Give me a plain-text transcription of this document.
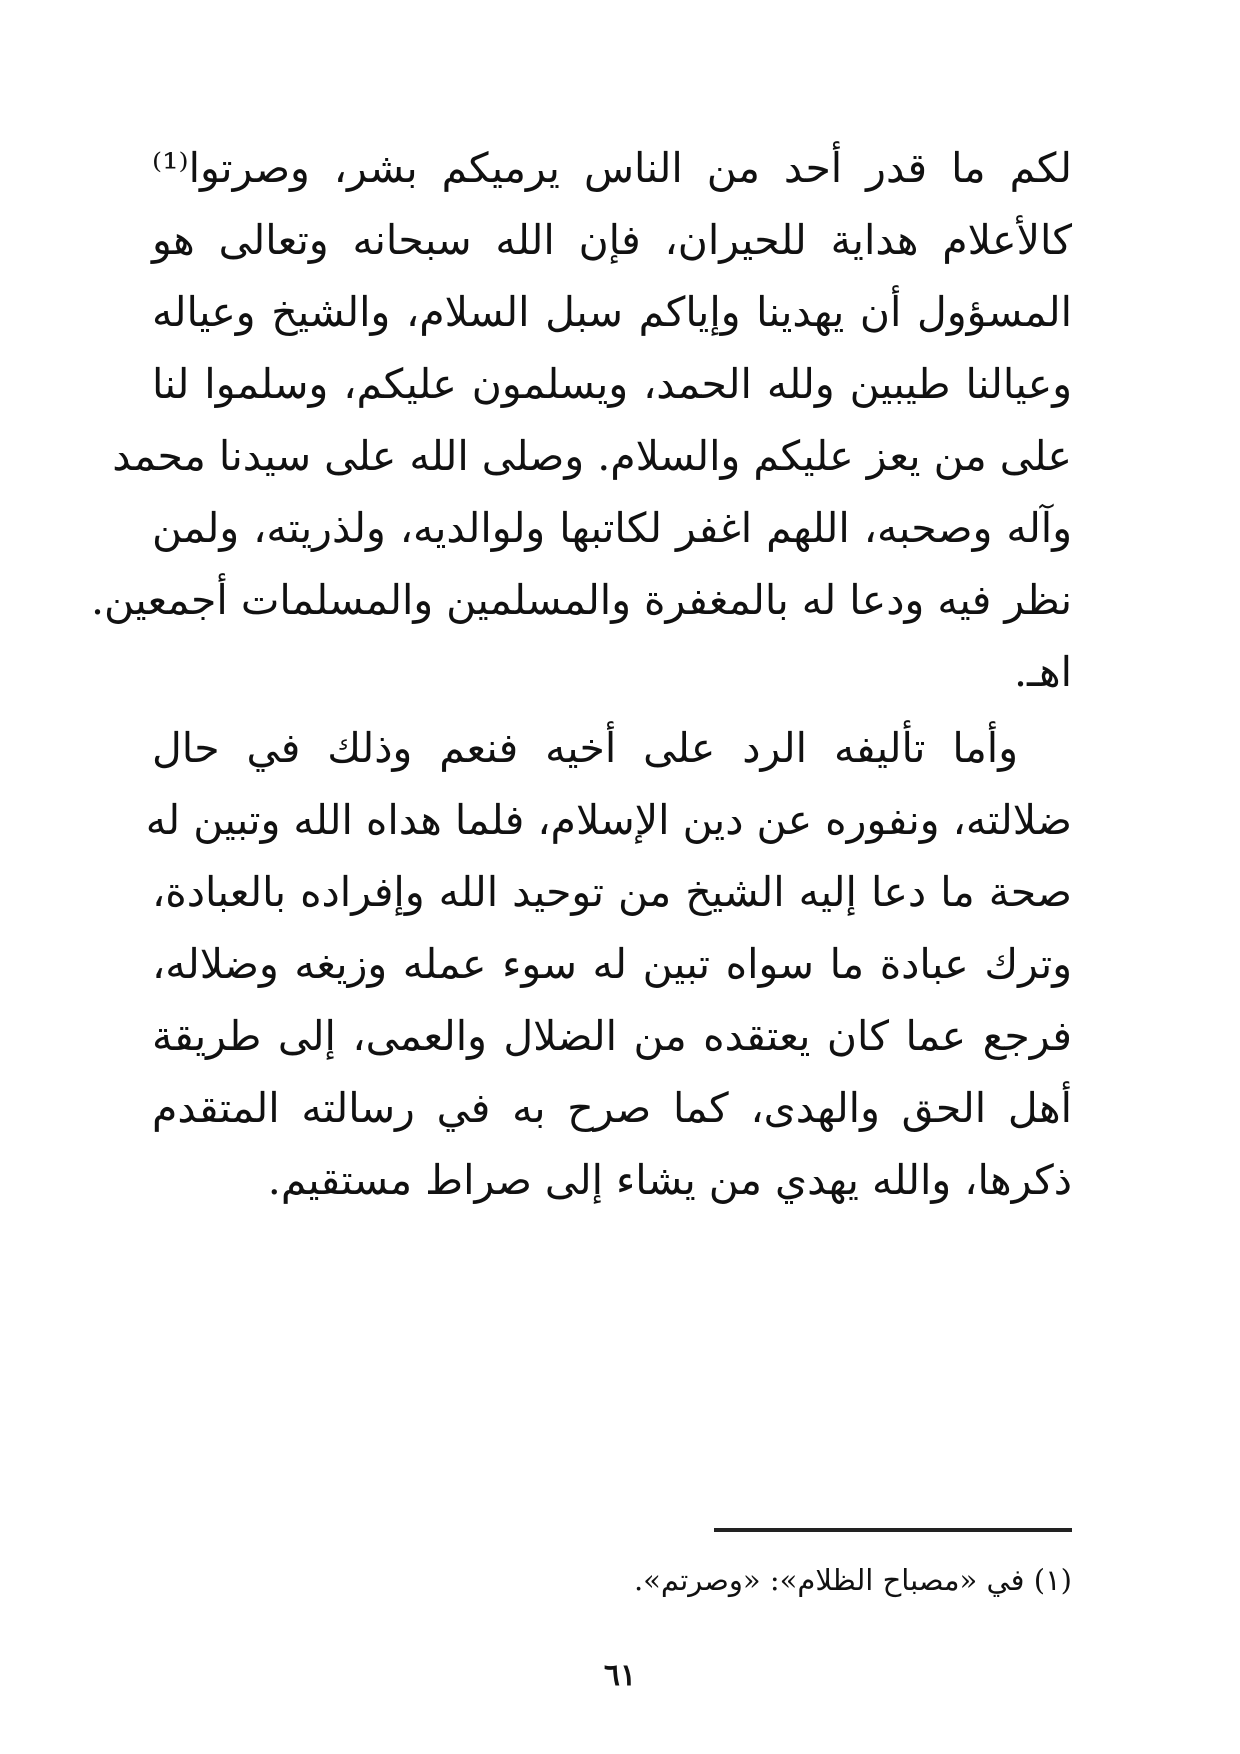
لكم ما قدر أحد من الناس يرميكم بشر، وصرتوا⁽¹⁾
كالأعلام هداية للحيران، فإن الله سبحانه وتعالى هو
المسؤول أن يهدينا وإياكم سبل السلام، والشيخ وعياله
وعيالنا طيبين ولله الحمد، ويسلمون عليكم، وسلموا لنا
على من يعز عليكم والسلام. وصلى الله على سيدنا محمد
وآله وصحبه، اللهم اغفر لكاتبها ولوالديه، ولذريته، ولمن
نظر فيه ودعا له بالمغفرة والمسلمين والمسلمات أجمعين.
اهـ.
وأما تأليفه الرد على أخيه فنعم وذلك في حال
ضلالته، ونفوره عن دين الإسلام، فلما هداه الله وتبين له
صحة ما دعا إليه الشيخ من توحيد الله وإفراده بالعبادة،
وترك عبادة ما سواه تبين له سوء عمله وزيغه وضلاله،
فرجع عما كان يعتقده من الضلال والعمى، إلى طريقة
أهل الحق والهدى، كما صرح به في رسالته المتقدم
ذكرها، والله يهدي من يشاء إلى صراط مستقيم.
(١) في «مصباح الظلام»: «وصرتم».
٦١
